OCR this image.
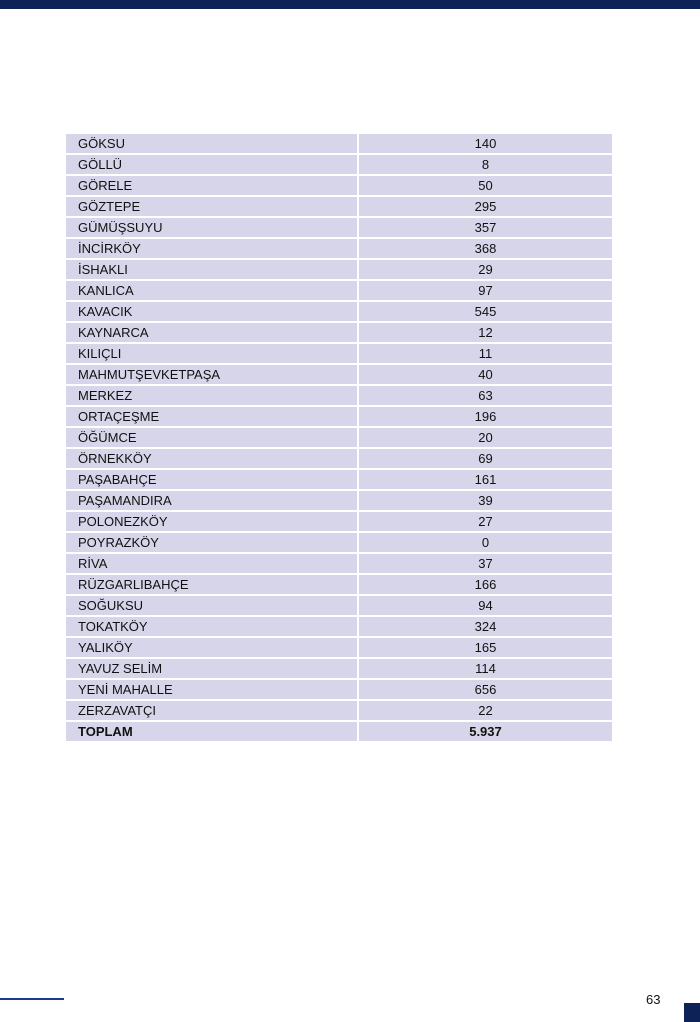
GÖKSU	140
GÖLLÜ	8
GÖRELE	50
GÖZTEPE	295
GÜMÜŞSUYU	357
İNCİRKÖY	368
İSHAKLI	29
KANLICA	97
KAVACIK	545
KAYNARCA	12
KILIÇLI	11
MAHMUTŞEVKETPAŞA	40
MERKEZ	63
ORTAÇEŞME	196
ÖĞÜMCE	20
ÖRNEKKÖY	69
PAŞABAHÇE	161
PAŞAMANDIRA	39
POLONEZKÖY	27
POYRAZKÖY	0
RİVA	37
RÜZGARLIBAHÇE	166
SOĞUKSU	94
TOKATKÖY	324
YALIKÖY	165
YAVUZ SELİM	114
YENİ MAHALLE	656
ZERZAVATÇI	22
TOPLAM	5.937
63
